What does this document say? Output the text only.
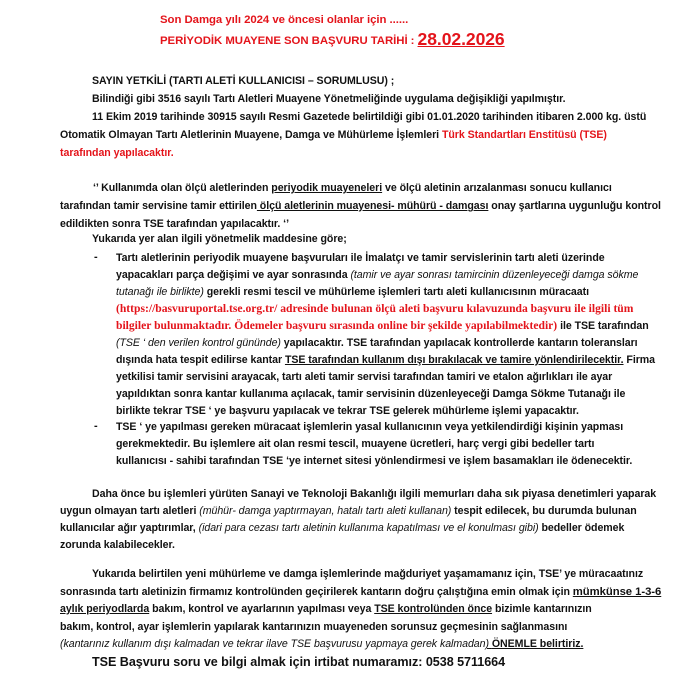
Son Damga yılı 2024 ve öncesi olanlar için ......
PERİYODİK MUAYENE SON BAŞVURU TARİHİ : 28.02.2026
SAYIN YETKİLİ (TARTI ALETİ KULLANICISI – SORUMLUSU) ;
Bilindiği gibi 3516 sayılı Tartı Aletleri Muayene Yönetmeliğinde uygulama değişikliği yapılmıştır.
11 Ekim 2019 tarihinde 30915 sayılı Resmi Gazetede belirtildiği gibi 01.01.2020 tarihinden itibaren 2.000 kg. üstü
Otomatik Olmayan Tartı Aletlerinin Muayene, Damga ve Mühürleme İşlemleri Türk Standartları Enstitüsü (TSE)
tarafından yapılacaktır.
‘’ Kullanımda olan ölçü aletlerinden periyodik muayeneleri ve ölçü aletinin arızalanması sonucu kullanıcı
tarafından tamir servisine tamir ettirilen ölçü aletlerinin muayenesi- mühürü - damgası onay şartlarına uygunluğu kontrol
edildikten sonra TSE tarafından yapılacaktır. ‘’
Yukarıda yer alan ilgili yönetmelik maddesine göre;
- Tartı aletlerinin periyodik muayene başvuruları ile İmalatçı ve tamir servislerinin tartı aleti üzerinde
yapacakları parça değişimi ve ayar sonrasında (tamir ve ayar sonrası tamircinin düzenleyeceği damga sökme
tutanağı ile birlikte) gerekli resmi tescil ve mühürleme işlemleri tartı aleti kullanıcısının müracaatı
(https://basvuruportal.tse.org.tr/ adresinde bulunan ölçü aleti başvuru kılavuzunda başvuru ile ilgili tüm
bilgiler bulunmaktadır. Ödemeler başvuru sırasında online bir şekilde yapılabilmektedir) ile TSE tarafından
(TSE ‘ den verilen kontrol gününde) yapılacaktır. TSE tarafından yapılacak kontrollerde kantarın toleransları
dışında hata tespit edilirse kantar TSE tarafından kullanım dışı bırakılacak ve tamire yönlendirilecektir. Firma
yetkilisi tamir servisini arayacak, tartı aleti tamir servisi tarafından tamiri ve etalon ağırlıkları ile ayar
yapıldıktan sonra kantar kullanıma açılacak, tamir servisinin düzenleyeceği Damga Sökme Tutanağı ile
birlikte tekrar TSE ‘ ye başvuru yapılacak ve tekrar TSE gelerek mühürleme işlemi yapacaktır.
- TSE ‘ ye yapılması gereken müracaat işlemlerin yasal kullanıcının veya yetkilendirdiği kişinin yapması
gerekmektedir. Bu işlemlere ait olan resmi tescil, muayene ücretleri, harç vergi gibi bedeller tartı
kullanıcısı - sahibi tarafından TSE ‘ye internet sitesi yönlendirmesi ve işlem basamakları ile ödenecektir.
Daha önce bu işlemleri yürüten Sanayi ve Teknoloji Bakanlığı ilgili memurları daha sık piyasa denetimleri yaparak
uygun olmayan tartı aletleri (mühür- damga yaptırmayan, hatalı tartı aleti kullanan) tespit edilecek, bu durumda bulunan
kullanıcılar ağır yaptırımlar, (idari para cezası tartı aletinin kullanıma kapatılması ve el konulması gibi) bedeller ödemek
zorunda kalabilecekler.
Yukarıda belirtilen yeni mühürleme ve damga işlemlerinde mağduriyet yaşamamanız için, TSE’ ye müracaatınız
sonrasında tartı aletinizin firmamız kontrolünden geçirilerek kantarın doğru çalıştığına emin olmak için mümkünse 1-3-6
aylık periyodlarda bakım, kontrol ve ayarlarının yapılması veya TSE kontrolünden önce bizimle kantarınızın
bakım, kontrol, ayar işlemlerin yapılarak kantarınızın muayeneden sorunsuz geçmesinin sağlanmasını
(kantarınız kullanım dışı kalmadan ve tekrar ilave TSE başvurusu yapmaya gerek kalmadan) ÖNEMLE belirtiriz.
TSE Başvuru soru ve bilgi almak için irtibat numaramız: 0538 5711664
